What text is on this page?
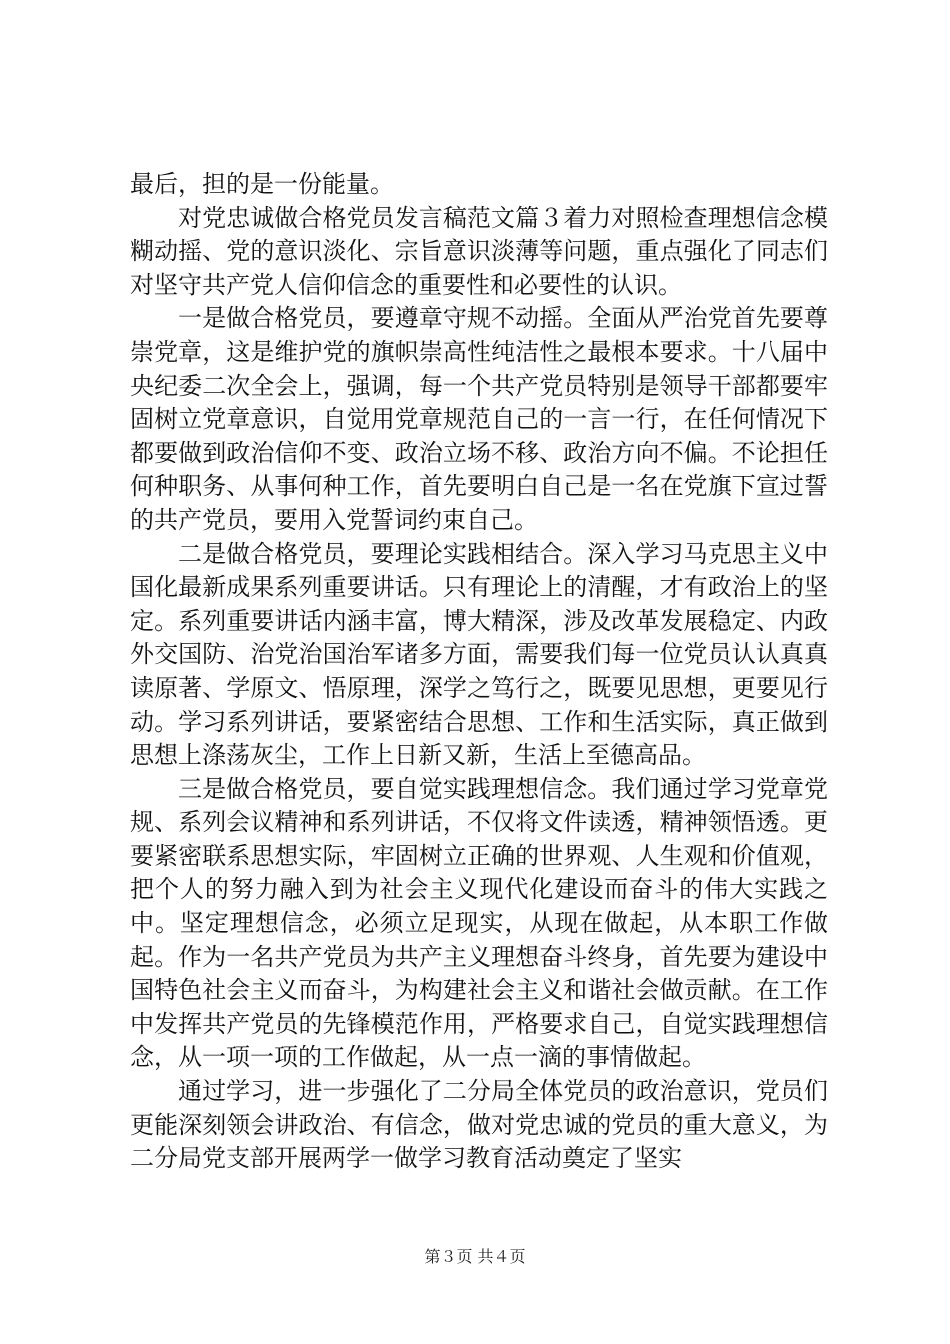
最后，担的是一份能量。

对党忠诚做合格党员发言稿范文篇３着力对照检查理想信念模糊动摇、党的意识淡化、宗旨意识淡薄等问题，重点强化了同志们对坚守共产党人信仰信念的重要性和必要性的认识。

一是做合格党员，要遵章守规不动摇。全面从严治党首先要尊崇党章，这是维护党的旗帜崇高性纯洁性之最根本要求。十八届中央纪委二次全会上，强调，每一个共产党员特别是领导干部都要牢固树立党章意识，自觉用党章规范自己的一言一行，在任何情况下都要做到政治信仰不变、政治立场不移、政治方向不偏。不论担任何种职务、从事何种工作，首先要明白自己是一名在党旗下宣过誓的共产党员，要用入党誓词约束自己。

二是做合格党员，要理论实践相结合。深入学习马克思主义中国化最新成果系列重要讲话。只有理论上的清醒，才有政治上的坚定。系列重要讲话内涵丰富，博大精深，涉及改革发展稳定、内政外交国防、治党治国治军诸多方面，需要我们每一位党员认认真真读原著、学原文、悟原理，深学之笃行之，既要见思想，更要见行动。学习系列讲话，要紧密结合思想、工作和生活实际，真正做到思想上涤荡灰尘，工作上日新又新，生活上至德高品。

三是做合格党员，要自觉实践理想信念。我们通过学习党章党规、系列会议精神和系列讲话，不仅将文件读透，精神领悟透。更要紧密联系思想实际，牢固树立正确的世界观、人生观和价值观，把个人的努力融入到为社会主义现代化建设而奋斗的伟大实践之中。坚定理想信念，必须立足现实，从现在做起，从本职工作做起。作为一名共产党员为共产主义理想奋斗终身，首先要为建设中国特色社会主义而奋斗，为构建社会主义和谐社会做贡献。在工作中发挥共产党员的先锋模范作用，严格要求自己，自觉实践理想信念，从一项一项的工作做起，从一点一滴的事情做起。

通过学习，进一步强化了二分局全体党员的政治意识，党员们更能深刻领会讲政治、有信念，做对党忠诚的党员的重大意义，为二分局党支部开展两学一做学习教育活动奠定了坚实

第３页 共４页
